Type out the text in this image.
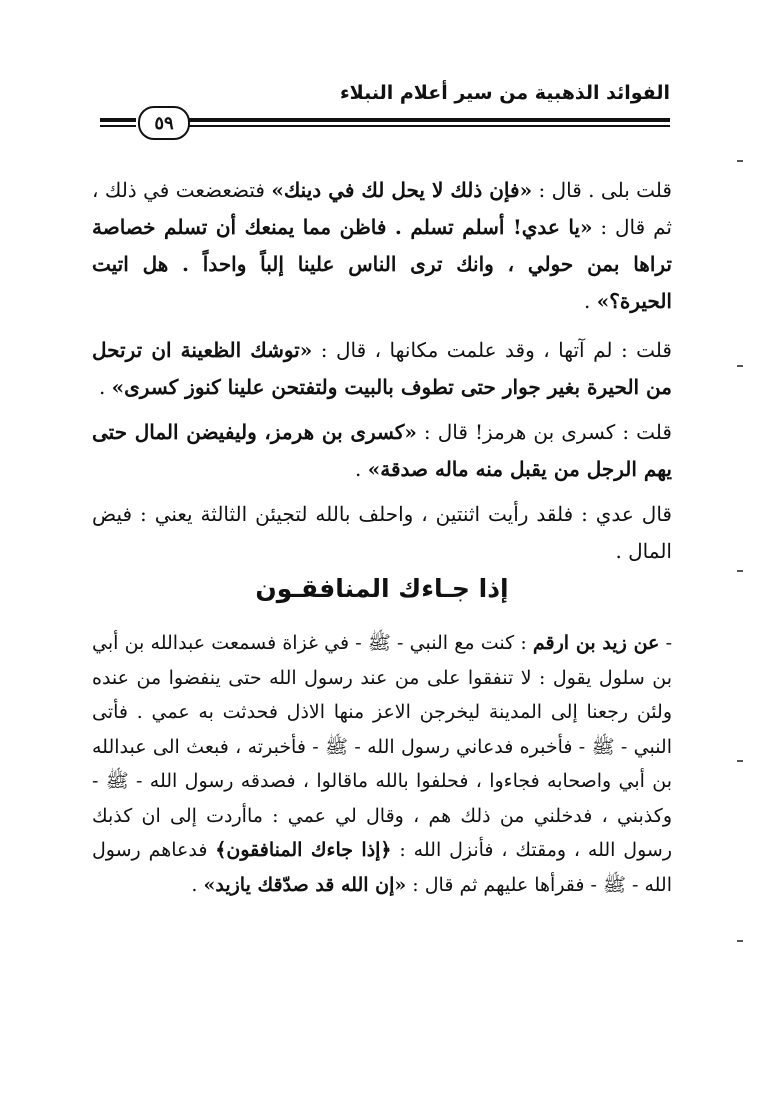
الفوائد الذهبية من سير أعلام النبلاء
٥٩

قلت بلى . قال : «فإن ذلك لا يحل لك في دينك» فتضعضعت في ذلك ، ثم قال : «يا عدي! أسلم تسلم . فاظن مما يمنعك أن تسلم خصاصة تراها بمن حولي ، وانك ترى الناس علينا إلباً واحداً . هل اتيت الحيرة؟» .

قلت : لم آتها ، وقد علمت مكانها ، قال : «توشك الظعينة ان ترتحل من الحيرة بغير جوار حتى تطوف بالبيت ولتفتحن علينا كنوز كسرى» .

قلت : كسرى بن هرمز! قال : «كسرى بن هرمز، وليفيضن المال حتى يهم الرجل من يقبل منه ماله صدقة» .

قال عدي : فلقد رأيت اثنتين ، واحلف بالله لتجيئن الثالثة يعني : فيض المال .

إذا جـاءك المنافقـون

- عن زيد بن ارقم : كنت مع النبي - ﷺ - في غزاة فسمعت عبدالله بن أبي بن سلول يقول : لا تنفقوا على من عند رسول الله حتى ينفضوا من عنده ولئن رجعنا إلى المدينة ليخرجن الاعز منها الاذل فحدثت به عمي . فأتى النبي - ﷺ - فأخبره فدعاني رسول الله - ﷺ - فأخبرته ، فبعث الى عبدالله بن أبي واصحابه فجاءوا ، فحلفوا بالله ماقالوا ، فصدقه رسول الله - ﷺ - وكذبني ، فدخلني من ذلك هم ، وقال لي عمي : ماأردت إلى ان كذبك رسول الله ، ومقتك ، فأنزل الله : ﴿إذا جاءك المنافقون﴾ فدعاهم رسول الله - ﷺ - فقرأها عليهم ثم قال : «إن الله قد صدّقك يازيد» .
